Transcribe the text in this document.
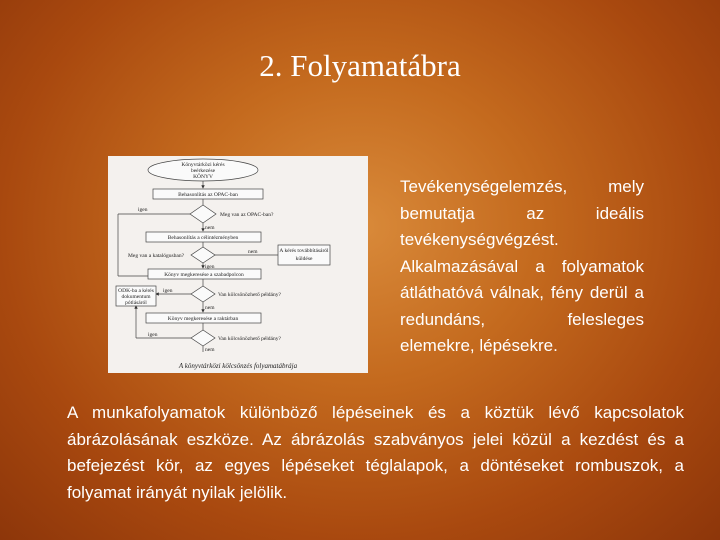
2. Folyamatábra
Könyvtárközi kérés
beérkezése
KÖNYV
Behasonlítás az OPAC-ban
Behasonlítás a célintézményben
Könyv megkeresése a szabadpolcon
Könyv megkeresése a raktárban
A kérés továbbításáról
küldése
ODK-ba a kérés
dokumentum
pótlásáról
Meg van az OPAC-ban?
Meg van a katalógusban?
Van kölcsönözhető példány?
Van kölcsönözhető példány?
igen
nem
igen
nem
igen
nem
igen
nem
A könyvtárközi kölcsönzés folyamatábrája
Tevékenységelemzés, mely bemutatja az ideális tevékenységvégzést. Alkalmazásával a folyamatok átláthatóvá válnak, fény derül a redundáns, felesleges elemekre, lépésekre.
A munkafolyamatok különböző lépéseinek és a köztük lévő kapcsolatok ábrázolásának eszköze. Az ábrázolás szabványos jelei közül a kezdést és a befejezést kör, az egyes lépéseket téglalapok, a döntéseket rombuszok, a folyamat irányát nyilak jelölik.
